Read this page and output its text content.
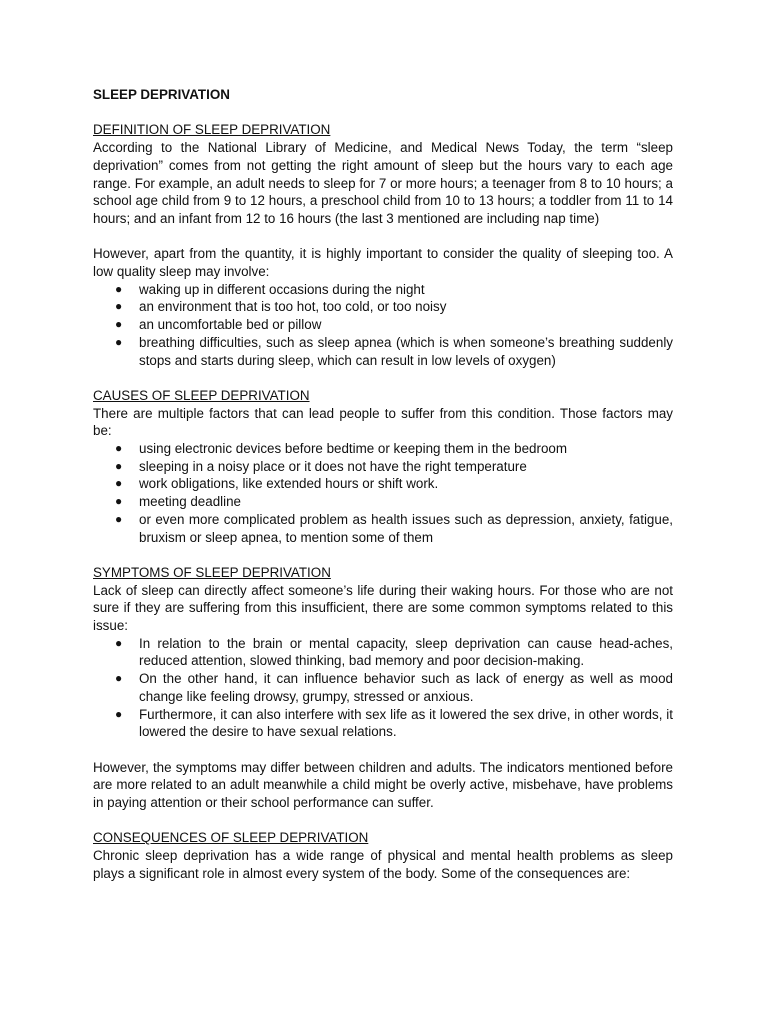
SLEEP DEPRIVATION
DEFINITION OF SLEEP DEPRIVATION

According to the National Library of Medicine, and Medical News Today, the term “sleep deprivation” comes from not getting the right amount of sleep but the hours vary to each age range. For example, an adult needs to sleep for 7 or more hours; a teenager from 8 to 10 hours; a school age child from 9 to 12 hours, a preschool child from 10 to 13 hours; a toddler from 11 to 14 hours; and an infant from 12 to 16 hours (the last 3 mentioned are including nap time)

However, apart from the quantity, it is highly important to consider the quality of sleeping too. A low quality sleep may involve:

● waking up in different occasions during the night
● an environment that is too hot, too cold, or too noisy
● an uncomfortable bed or pillow
● breathing difficulties, such as sleep apnea (which is when someone’s breathing suddenly stops and starts during sleep, which can result in low levels of oxygen)
CAUSES OF SLEEP DEPRIVATION

There are multiple factors that can lead people to suffer from this condition. Those factors may be:

● using electronic devices before bedtime or keeping them in the bedroom
● sleeping in a noisy place or it does not have the right temperature
● work obligations, like extended hours or shift work.
● meeting deadline
● or even more complicated problem as health issues such as depression, anxiety, fatigue, bruxism or sleep apnea, to mention some of them
SYMPTOMS OF SLEEP DEPRIVATION

Lack of sleep can directly affect someone’s life during their waking hours. For those who are not sure if they are suffering from this insufficient, there are some common symptoms related to this issue:

● In relation to the brain or mental capacity, sleep deprivation can cause head-aches, reduced attention, slowed thinking, bad memory and poor decision-making.
● On the other hand, it can influence behavior such as lack of energy as well as mood change like feeling drowsy, grumpy, stressed or anxious.
● Furthermore, it can also interfere with sex life as it lowered the sex drive, in other words, it lowered the desire to have sexual relations.

However, the symptoms may differ between children and adults. The indicators mentioned before are more related to an adult meanwhile a child might be overly active, misbehave, have problems in paying attention or their school performance can suffer.

CONSEQUENCES OF SLEEP DEPRIVATION

Chronic sleep deprivation has a wide range of physical and mental health problems as sleep plays a significant role in almost every system of the body. Some of the consequences are:
